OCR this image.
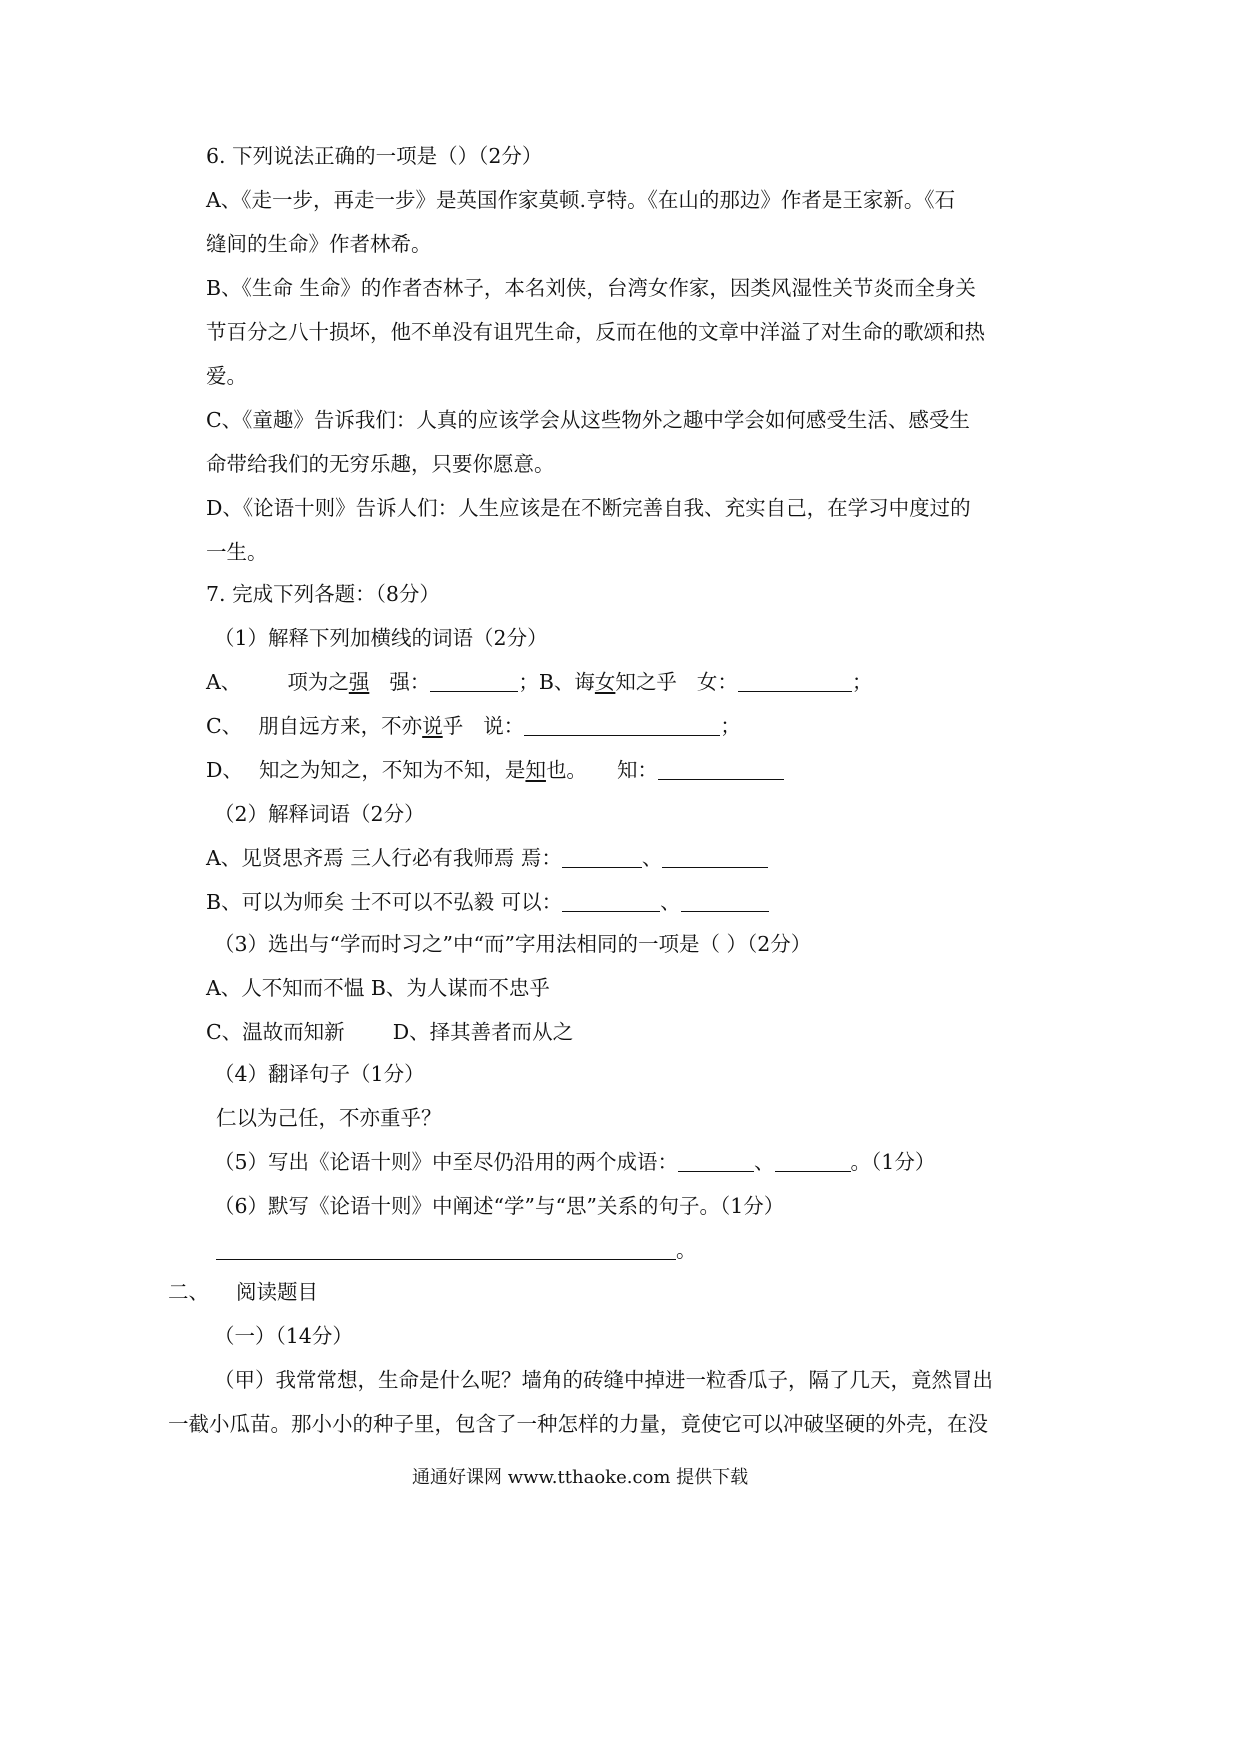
6. 下列说法正确的一项是（）（2分）
A、《走一步，再走一步》是英国作家莫顿.亨特。《在山的那边》作者是王家新。《石
缝间的生命》作者林希。
B、《生命 生命》的作者杏林子，本名刘侠，台湾女作家，因类风湿性关节炎而全身关
节百分之八十损坏，他不单没有诅咒生命，反而在他的文章中洋溢了对生命的歌颂和热
爱。
C、《童趣》告诉我们：人真的应该学会从这些物外之趣中学会如何感受生活、感受生
命带给我们的无穷乐趣，只要你愿意。
D、《论语十则》告诉人们：人生应该是在不断完善自我、充实自己，在学习中度过的
一生。
7. 完成下列各题：（8分）
（1）解释下列加横线的词语（2分）
A、 项为之强 强：	；B、诲女知之乎 女：	；
C、 朋自远方来，不亦说乎 说：	；
D、 知之为知之，不知为不知，是知也。 知：
（2）解释词语（2分）
A、见贤思齐焉 三人行必有我师焉 焉：	、
B、可以为师矣 士不可以不弘毅 可以：	、
（3）选出与“学而时习之”中“而”字用法相同的一项是（ ）（2分）
A、人不知而不愠 B、为人谋而不忠乎
C、温故而知新 D、择其善者而从之
（4）翻译句子（1分）
仁以为己任，不亦重乎？
（5）写出《论语十则》中至尽仍沿用的两个成语：	、	。（1分）
（6）默写《论语十则》中阐述“学”与“思”关系的句子。（1分）
。
二、 阅读题目
（一）（14分）
（甲）我常常想，生命是什么呢？墙角的砖缝中掉进一粒香瓜子，隔了几天，竟然冒出
一截小瓜苗。那小小的种子里，包含了一种怎样的力量，竟使它可以冲破坚硬的外壳，在没
通通好课网 www.tthaoke.com 提供下载
